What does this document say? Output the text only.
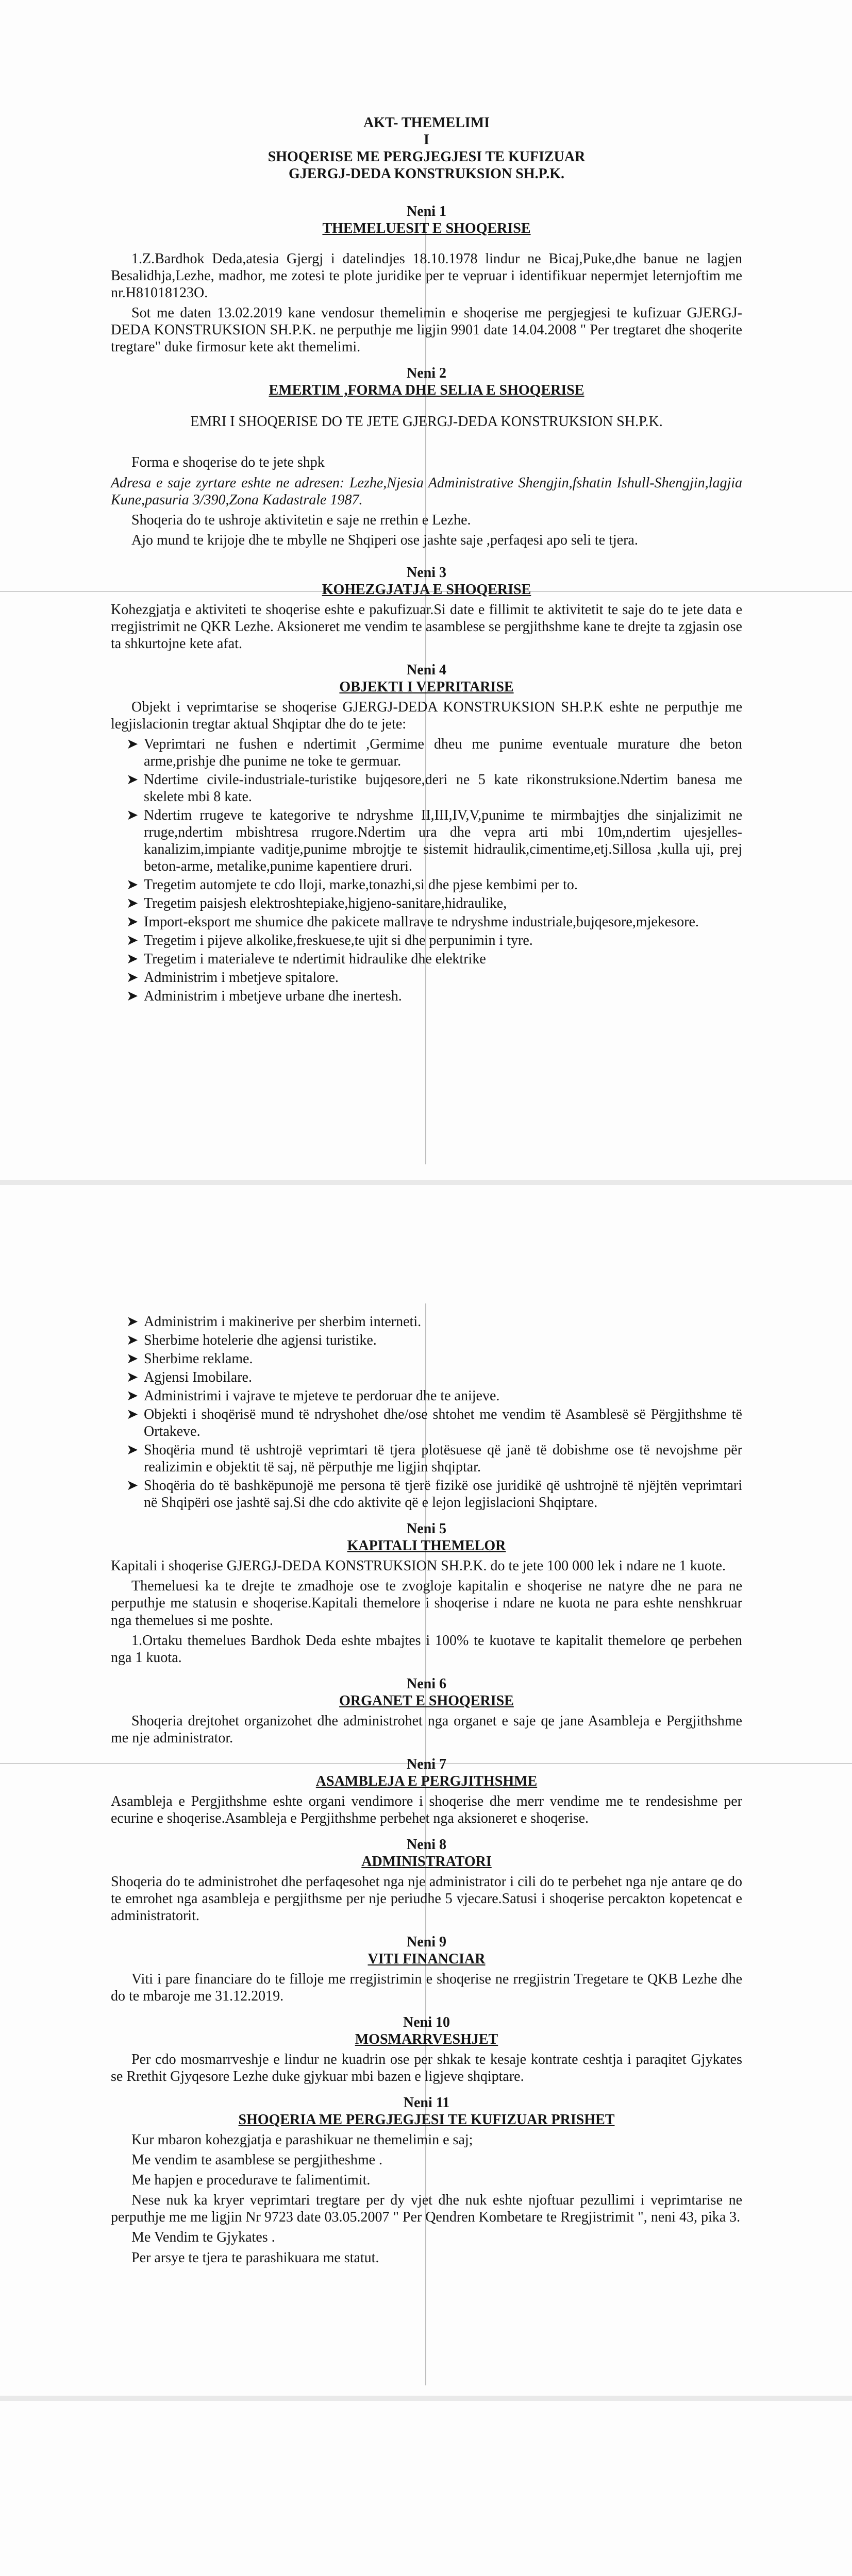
AKT- THEMELIMI
I
SHOQERISE ME PERGJEGJESI TE KUFIZUAR
GJERGJ-DEDA KONSTRUKSION SH.P.K.
Neni 1
THEMELUESIT E SHOQERISE

1.Z.Bardhok Deda,atesia Gjergj i datelindjes 18.10.1978 lindur ne Bicaj,Puke,dhe banue ne lagjen Besalidhja,Lezhe, madhor, me zotesi te plote juridike per te vepruar i identifikuar nepermjet leternjoftim me nr.H81018123O.

Sot me daten 13.02.2019 kane vendosur themelimin e shoqerise me pergjegjesi te kufizuar GJERGJ-DEDA KONSTRUKSION SH.P.K. ne perputhje me ligjin 9901 date 14.04.2008 " Per tregtaret dhe shoqerite tregtare" duke firmosur kete akt themelimi.

Neni 2
EMERTIM ,FORMA DHE SELIA E SHOQERISE

EMRI I SHOQERISE DO TE JETE GJERGJ-DEDA KONSTRUKSION SH.P.K.

Forma e shoqerise do te jete shpk

Adresa e saje zyrtare eshte ne adresen: Lezhe,Njesia Administrative Shengjin,fshatin Ishull-Shengjin,lagjia Kune,pasuria 3/390,Zona Kadastrale 1987.

Shoqeria do te ushroje aktivitetin e saje ne rrethin e Lezhe.

Ajo mund te krijoje dhe te mbylle ne Shqiperi ose jashte saje ,perfaqesi apo seli te tjera.

Neni 3
KOHEZGJATJA E SHOQERISE

Kohezgjatja e aktiviteti te shoqerise eshte e pakufizuar.Si date e fillimit te aktivitetit te saje do te jete data e rregjistrimit ne QKR Lezhe. Aksioneret me vendim te asamblese se pergjithshme kane te drejte ta zgjasin ose ta shkurtojne kete afat.

Neni 4
OBJEKTI I VEPRITARISE

Objekt i veprimtarise se shoqerise GJERGJ-DEDA KONSTRUKSION SH.P.K eshte ne perputhje me legjislacionin tregtar aktual Shqiptar dhe do te jete:

➤ Veprimtari ne fushen e ndertimit ,Germime dheu me punime eventuale murature dhe beton arme,prishje dhe punime ne toke te germuar.
➤ Ndertime civile-industriale-turistike bujqesore,deri ne 5 kate rikonstruksione.Ndertim banesa me skelete mbi 8 kate.
➤ Ndertim rrugeve te kategorive te ndryshme II,III,IV,V,punime te mirmbajtjes dhe sinjalizimit ne rruge,ndertim mbishtresa rrugore.Ndertim ura dhe vepra arti mbi 10m,ndertim ujesjelles-kanalizim,impiante vaditje,punime mbrojtje te sistemit hidraulik,cimentime,etj.Sillosa ,kulla uji, prej beton-arme, metalike,punime kapentiere druri.
➤ Tregetim automjete te cdo lloji, marke,tonazhi,si dhe pjese kembimi per to.
➤ Tregetim paisjesh elektroshtepiake,higjeno-sanitare,hidraulike,
➤ Import-eksport me shumice dhe pakicete mallrave te ndryshme industriale,bujqesore,mjekesore.
➤ Tregetim i pijeve alkolike,freskuese,te ujit si dhe perpunimin i tyre.
➤ Tregetim i materialeve te ndertimit hidraulike dhe elektrike
➤ Administrim i mbetjeve spitalore.
➤ Administrim i mbetjeve urbane dhe inertesh.
➤ Administrim i makinerive per sherbim interneti.
➤ Sherbime hotelerie dhe agjensi turistike.
➤ Sherbime reklame.
➤ Agjensi Imobilare.
➤ Administrimi i vajrave te mjeteve te perdoruar dhe te anijeve.
➤ Objekti i shoqërisë mund të ndryshohet dhe/ose shtohet me vendim të Asamblesë së Përgjithshme të Ortakeve.
➤ Shoqëria mund të ushtrojë veprimtari të tjera plotësuese që janë të dobishme ose të nevojshme për realizimin e objektit të saj, në përputhje me ligjin shqiptar.
➤ Shoqëria do të bashkëpunojë me persona të tjerë fizikë ose juridikë që ushtrojnë të njëjtën veprimtari në Shqipëri ose jashtë saj.Si dhe cdo aktivite që e lejon legjislacioni Shqiptare.
Neni 5
KAPITALI THEMELOR

Kapitali i shoqerise GJERGJ-DEDA KONSTRUKSION SH.P.K. do te jete 100 000 lek i ndare ne 1 kuote.

Themeluesi ka te drejte te zmadhoje ose te zvogloje kapitalin e shoqerise ne natyre dhe ne para ne perputhje me statusin e shoqerise.Kapitali themelore i shoqerise i ndare ne kuota ne para eshte nenshkruar nga themelues si me poshte.

1.Ortaku themelues Bardhok Deda eshte mbajtes i 100% te kuotave te kapitalit themelore qe perbehen nga 1 kuota.

Neni 6
ORGANET E SHOQERISE

Shoqeria drejtohet organizohet dhe administrohet nga organet e saje qe jane Asambleja e Pergjithshme me nje administrator.

Neni 7
ASAMBLEJA E PERGJITHSHME

Asambleja e Pergjithshme eshte organi vendimore i shoqerise dhe merr vendime me te rendesishme per ecurine e shoqerise.Asambleja e Pergjithshme perbehet nga aksioneret e shoqerise.

Neni 8
ADMINISTRATORI

Shoqeria do te administrohet dhe perfaqesohet nga nje administrator i cili do te perbehet nga nje antare qe do te emrohet nga asambleja e pergjithsme per nje periudhe 5 vjecare.Satusi i shoqerise percakton kopetencat e administratorit.

Neni 9
VITI FINANCIAR

Viti i pare financiare do te filloje me rregjistrimin e shoqerise ne rregjistrin Tregetare te QKB Lezhe dhe do te mbaroje me 31.12.2019.

Neni 10
MOSMARRVESHJET

Per cdo mosmarrveshje e lindur ne kuadrin ose per shkak te kesaje kontrate ceshtja i paraqitet Gjykates se Rrethit Gjyqesore Lezhe duke gjykuar mbi bazen e ligjeve shqiptare.

Neni 11
SHOQERIA ME PERGJEGJESI TE KUFIZUAR PRISHET

Kur mbaron kohezgjatja e parashikuar ne themelimin e saj;

Me vendim te asamblese se pergjitheshme .

Me hapjen e procedurave te falimentimit.

Nese nuk ka kryer veprimtari tregtare per dy vjet dhe nuk eshte njoftuar pezullimi i veprimtarise ne perputhje me me ligjin Nr 9723 date 03.05.2007 " Per Qendren Kombetare te Rregjistrimit ", neni 43, pika 3.

Me Vendim te Gjykates .

Per arsye te tjera te parashikuara me statut.
